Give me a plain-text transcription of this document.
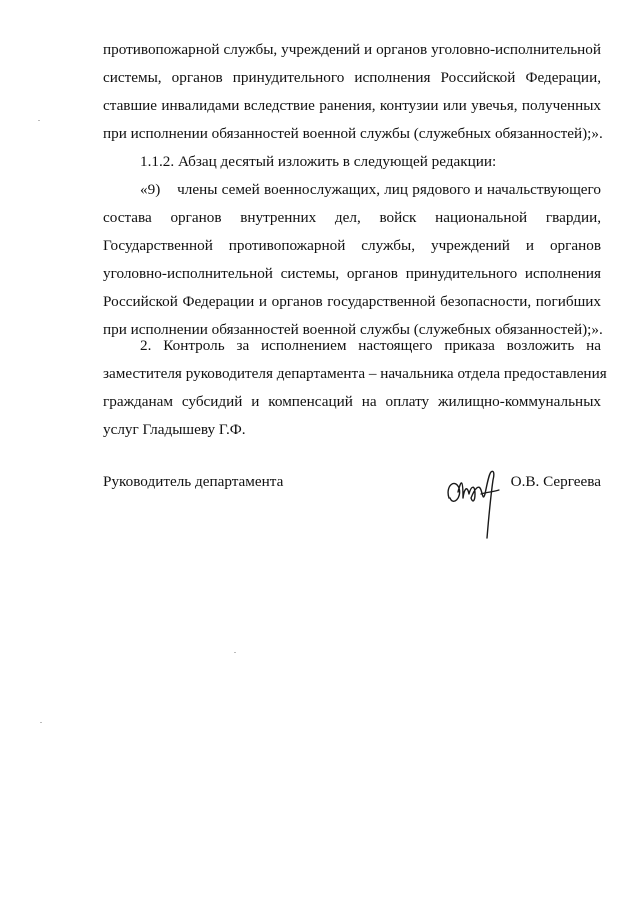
противопожарной службы, учреждений и органов уголовно-исполнительной
системы, органов принудительного исполнения Российской Федерации,
ставшие инвалидами вследствие ранения, контузии или увечья, полученных
при исполнении обязанностей военной службы (служебных обязанностей);».

1.1.2. Абзац десятый изложить в следующей редакции:

«9)    члены семей военнослужащих, лиц рядового и начальствующего
состава органов внутренних дел, войск национальной гвардии,
Государственной противопожарной службы, учреждений и органов
уголовно-исполнительной системы, органов принудительного исполнения
Российской Федерации и органов государственной безопасности, погибших
при исполнении обязанностей военной службы (служебных обязанностей);».

2. Контроль за исполнением настоящего приказа возложить на
заместителя руководителя департамента – начальника отдела предоставления
гражданам субсидий и компенсаций на оплату жилищно-коммунальных
услуг Гладышеву Г.Ф.

Руководитель департамента	О.В. Сергеева
